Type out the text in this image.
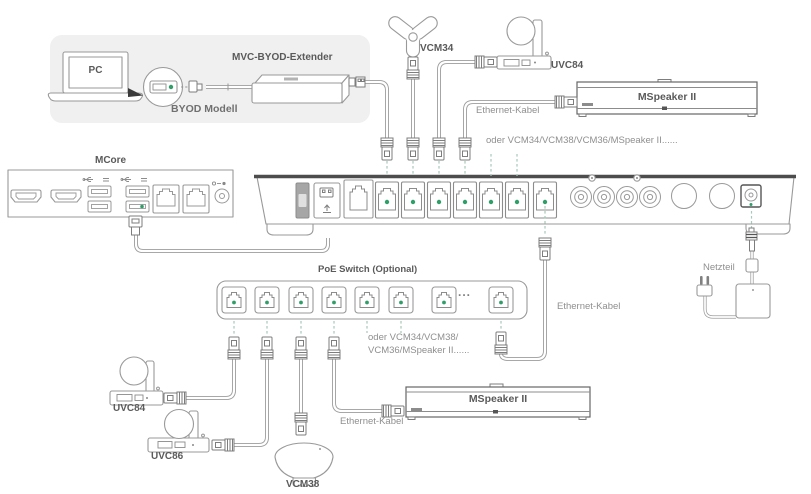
PC
MVC-BYOD-Extender
BYOD Modell
VCM34
UVC84
MSpeaker II
Ethernet-Kabel
oder VCM34/VCM38/VCM36/MSpeaker II......
MCore
Netzteil
Ethernet-Kabel
PoE Switch (Optional)
...
oder VCM34/VCM38/
VCM36/MSpeaker II......
UVC84
UVC86
VCM38
MSpeaker II
Ethernet-Kabel
